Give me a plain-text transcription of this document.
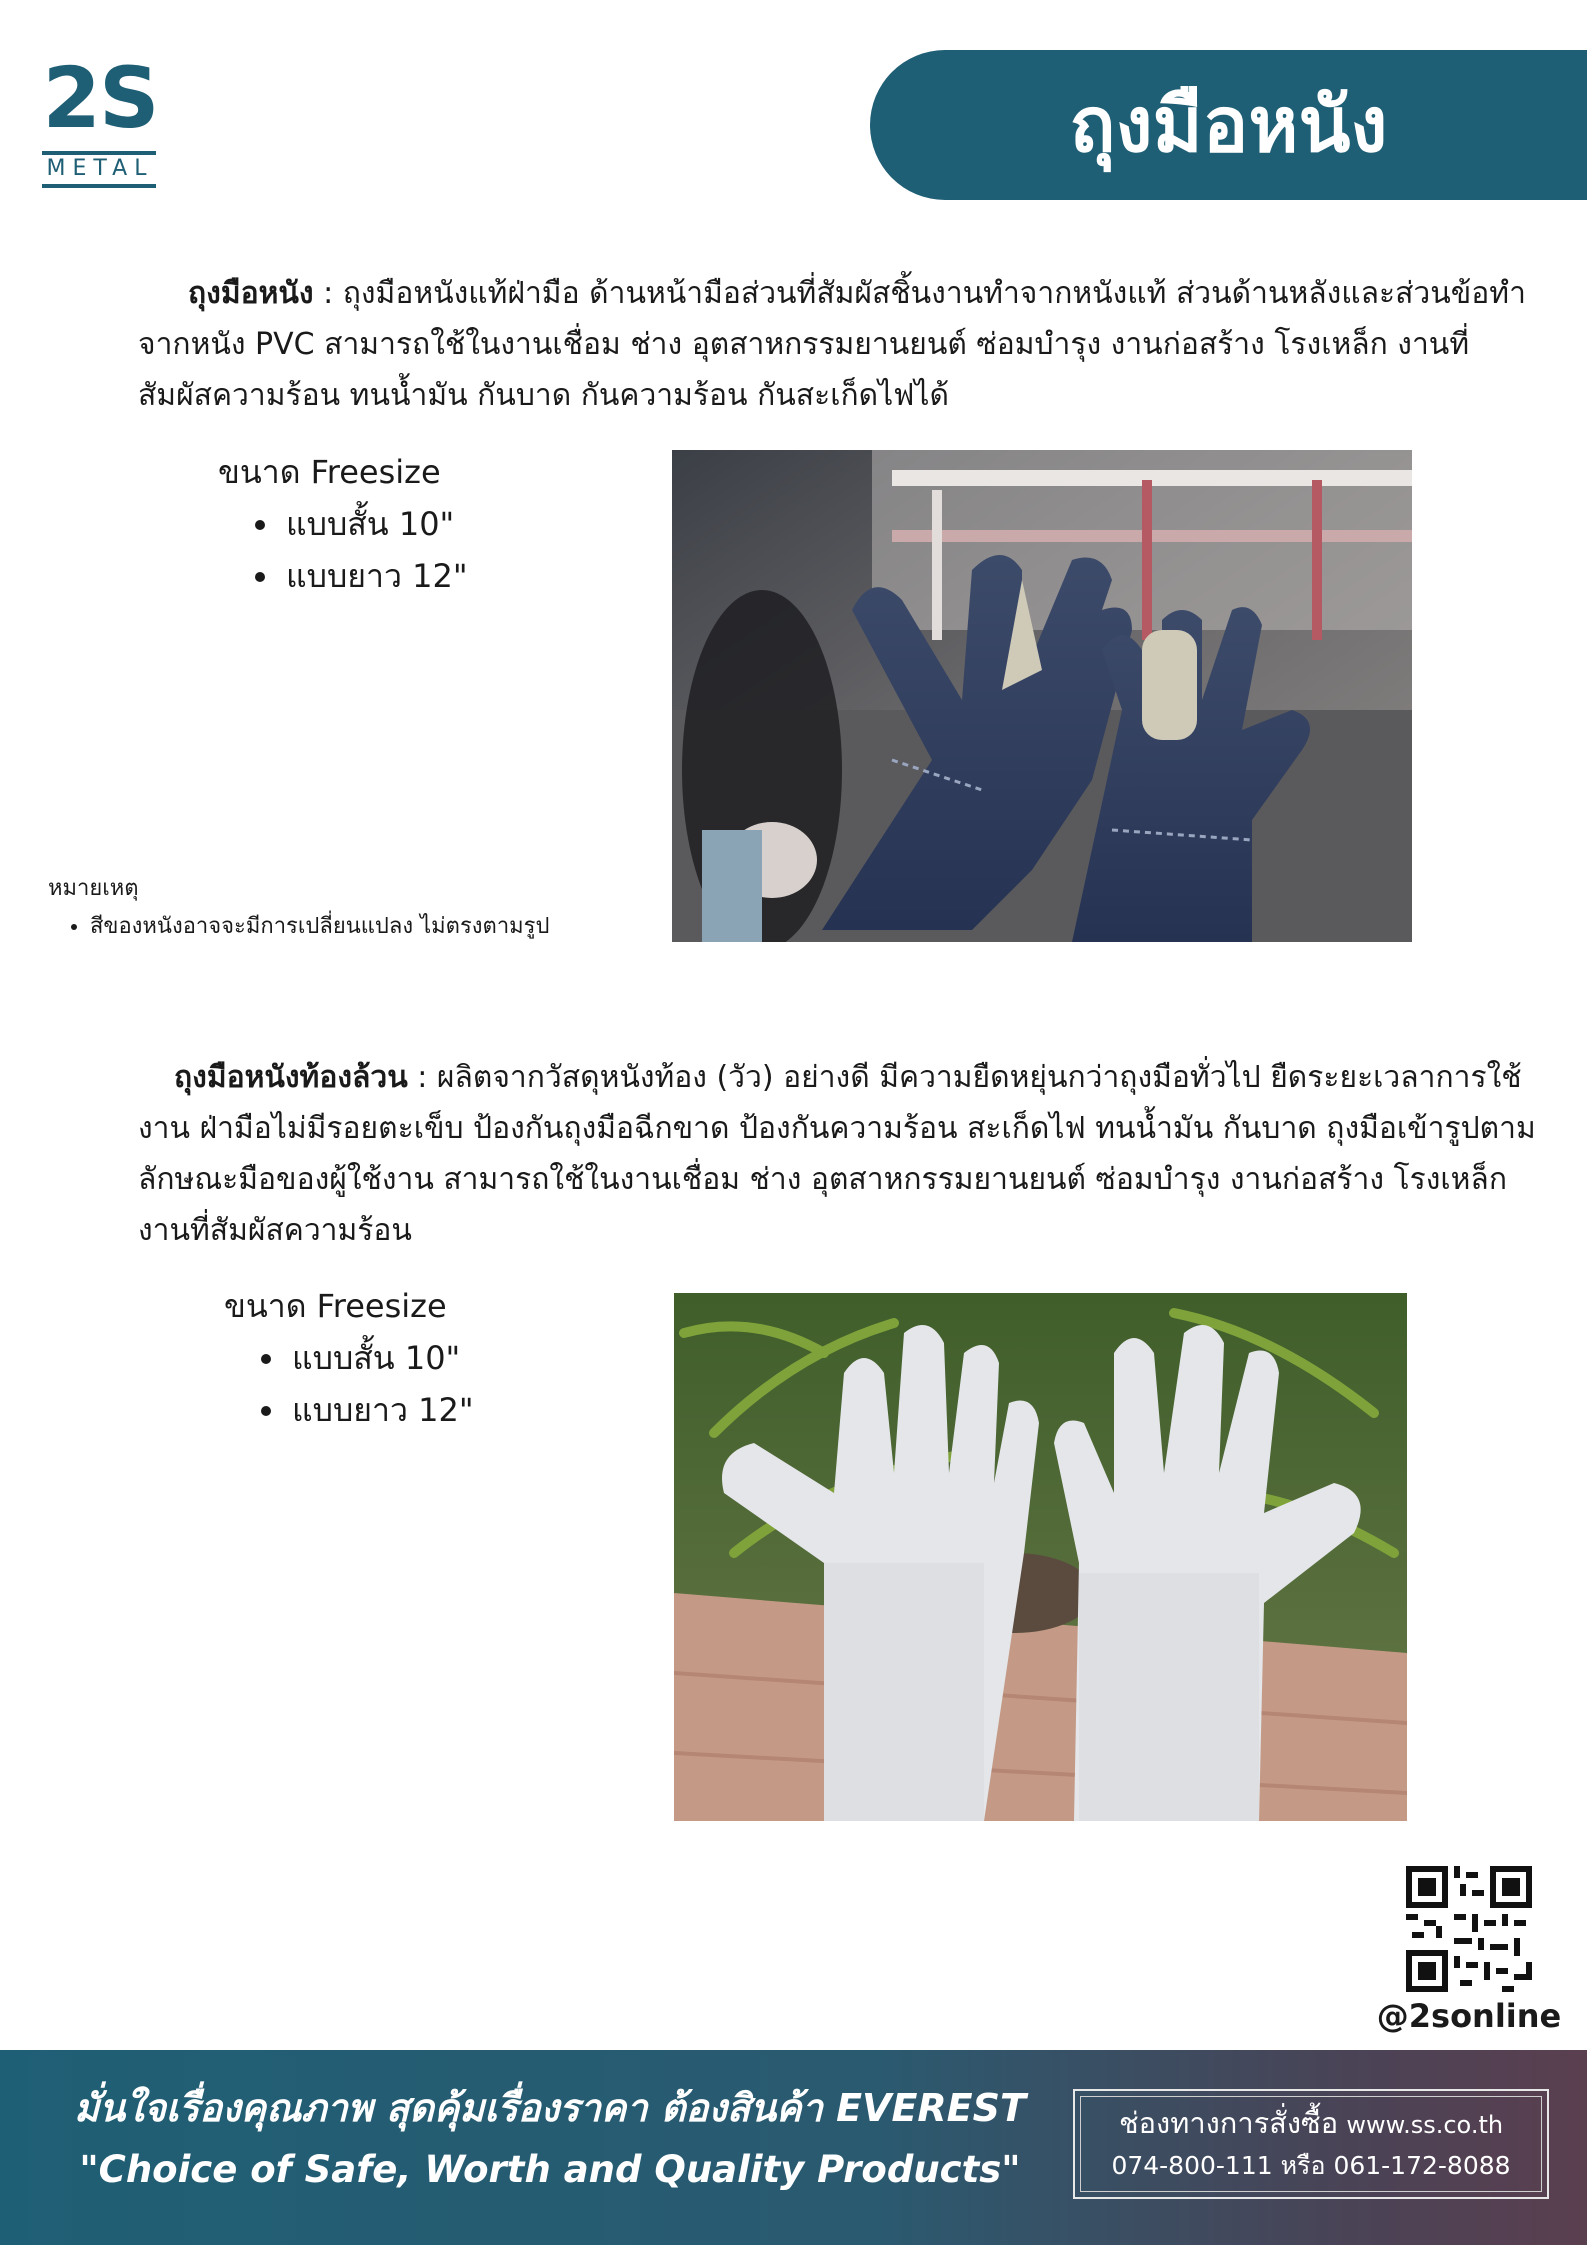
2S
METAL	ถุงมือหนัง
ถุงมือหนัง : ถุงมือหนังแท้ฝ่ามือ ด้านหน้ามือส่วนที่สัมผัสชิ้นงานทำจากหนังแท้ ส่วนด้านหลังและส่วนข้อทำจากหนัง PVC สามารถใช้ในงานเชื่อม ช่าง อุตสาหกรรมยานยนต์ ซ่อมบำรุง งานก่อสร้าง โรงเหล็ก งานที่สัมผัสความร้อน ทนน้ำมัน กันบาด กันความร้อน กันสะเก็ดไฟได้
ขนาด Freesize
• แบบสั้น 10"
• แบบยาว 12"
หมายเหตุ
• สีของหนังอาจจะมีการเปลี่ยนแปลง ไม่ตรงตามรูป
ถุงมือหนังท้องล้วน : ผลิตจากวัสดุหนังท้อง (วัว) อย่างดี มีความยืดหยุ่นกว่าถุงมือทั่วไป ยืดระยะเวลาการใช้งาน ฝ่ามือไม่มีรอยตะเข็บ ป้องกันถุงมือฉีกขาด ป้องกันความร้อน สะเก็ดไฟ ทนน้ำมัน กันบาด ถุงมือเข้ารูปตามลักษณะมือของผู้ใช้งาน สามารถใช้ในงานเชื่อม ช่าง อุตสาหกรรมยานยนต์ ซ่อมบำรุง งานก่อสร้าง โรงเหล็ก งานที่สัมผัสความร้อน
ขนาด Freesize
• แบบสั้น 10"
• แบบยาว 12"
@2sonline
มั่นใจเรื่องคุณภาพ สุดคุ้มเรื่องราคา ต้องสินค้า EVEREST
"Choice of Safe, Worth and Quality Products"
ช่องทางการสั่งซื้อ www.ss.co.th
074-800-111 หรือ 061-172-8088
